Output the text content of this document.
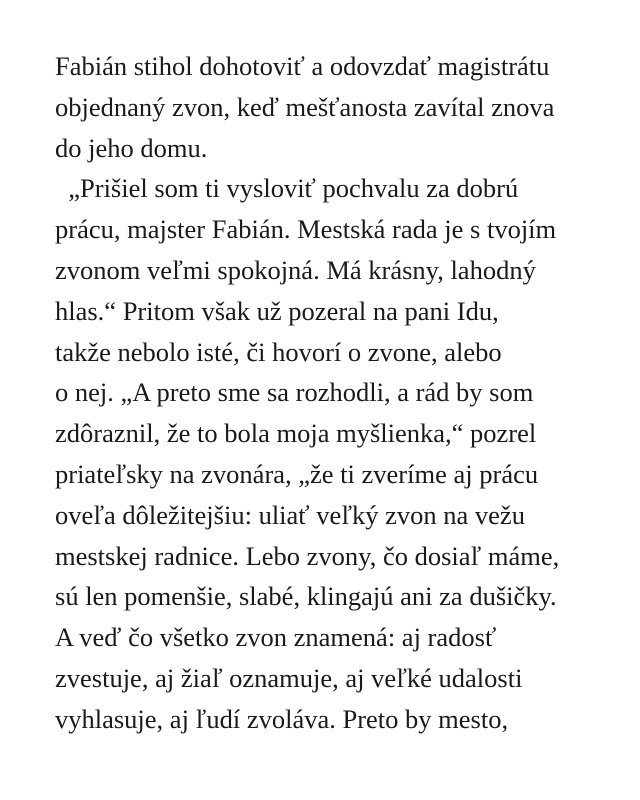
Fabián stihol dohotoviť a odovzdať magistrátu
objednaný zvon, keď mešťanosta zavítal znova
do jeho domu.
„Prišiel som ti vysloviť pochvalu za dobrú
prácu, majster Fabián. Mestská rada je s tvojím
zvonom veľmi spokojná. Má krásny, lahodný
hlas.“ Pritom však už pozeral na pani Idu,
takže nebolo isté, či hovorí o zvone, alebo
o nej. „A preto sme sa rozhodli, a rád by som
zdôraznil, že to bola moja myšlienka,“ pozrel
priateľsky na zvonára, „že ti zveríme aj prácu
oveľa dôležitejšiu: uliať veľký zvon na vežu
mestskej radnice. Lebo zvony, čo dosiaľ máme,
sú len pomenšie, slabé, klingajú ani za dušičky.
A veď čo všetko zvon znamená: aj radosť
zvestuje, aj žiaľ oznamuje, aj veľké udalosti
vyhlasuje, aj ľudí zvoláva. Preto by mesto,
